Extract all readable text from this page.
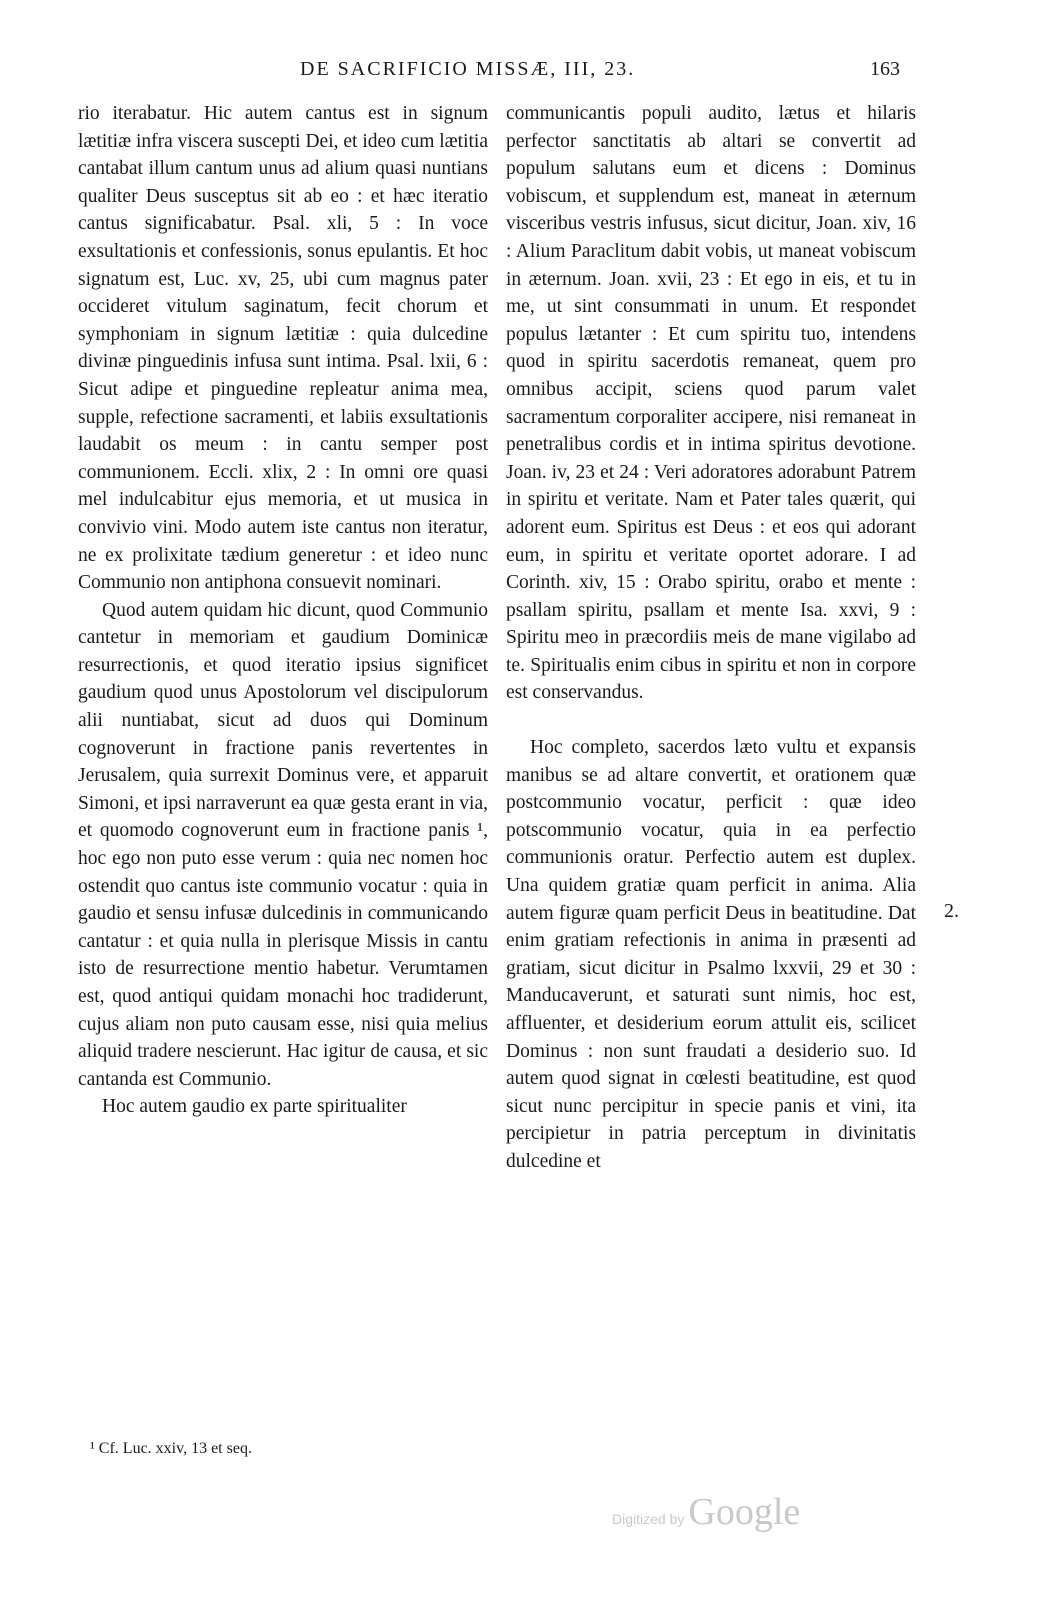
DE SACRIFICIO MISSÆ, III, 23.	163

rio iterabatur. Hic autem cantus est in signum lætitiæ infra viscera suscepti Dei, et ideo cum lætitia cantabat illum cantum unus ad alium quasi nuntians qualiter Deus susceptus sit ab eo : et hæc iteratio cantus significabatur. Psal. xli, 5 : In voce exsultationis et confessionis, sonus epulantis. Et hoc signatum est, Luc. xv, 25, ubi cum magnus pater occideret vitulum saginatum, fecit chorum et symphoniam in signum lætitiæ : quia dulcedine divinæ pinguedinis infusa sunt intima. Psal. lxii, 6 : Sicut adipe et pinguedine repleatur anima mea, supple, refectione sacramenti, et labiis exsultationis laudabit os meum : in cantu semper post communionem. Eccli. xlix, 2 : In omni ore quasi mel indulcabitur ejus memoria, et ut musica in convivio vini. Modo autem iste cantus non iteratur, ne ex prolixitate tædium generetur : et ideo nunc Communio non antiphona consuevit nominari.

Quod autem quidam hic dicunt, quod Communio cantetur in memoriam et gaudium Dominicæ resurrectionis, et quod iteratio ipsius significet gaudium quod unus Apostolorum vel discipulorum alii nuntiabat, sicut ad duos qui Dominum cognoverunt in fractione panis revertentes in Jerusalem, quia surrexit Dominus vere, et apparuit Simoni, et ipsi narraverunt ea quæ gesta erant in via, et quomodo cognoverunt eum in fractione panis ¹, hoc ego non puto esse verum : quia nec nomen hoc ostendit quo cantus iste communio vocatur : quia in gaudio et sensu infusæ dulcedinis in communicando cantatur : et quia nulla in plerisque Missis in cantu isto de resurrectione mentio habetur. Verumtamen est, quod antiqui quidam monachi hoc tradiderunt, cujus aliam non puto causam esse, nisi quia melius aliquid tradere nescierunt. Hac igitur de causa, et sic cantanda est Communio.

Hoc autem gaudio ex parte spiritualiter

communicantis populi audito, lætus et hilaris perfector sanctitatis ab altari se convertit ad populum salutans eum et dicens : Dominus vobiscum, et supplendum est, maneat in æternum visceribus vestris infusus, sicut dicitur, Joan. xiv, 16 : Alium Paraclitum dabit vobis, ut maneat vobiscum in æternum. Joan. xvii, 23 : Et ego in eis, et tu in me, ut sint consummati in unum. Et respondet populus lætanter : Et cum spiritu tuo, intendens quod in spiritu sacerdotis remaneat, quem pro omnibus accipit, sciens quod parum valet sacramentum corporaliter accipere, nisi remaneat in penetralibus cordis et in intima spiritus devotione. Joan. iv, 23 et 24 : Veri adoratores adorabunt Patrem in spiritu et veritate. Nam et Pater tales quærit, qui adorent eum. Spiritus est Deus : et eos qui adorant eum, in spiritu et veritate oportet adorare. I ad Corinth. xiv, 15 : Orabo spiritu, orabo et mente : psallam spiritu, psallam et mente Isa. xxvi, 9 : Spiritu meo in præcordiis meis de mane vigilabo ad te. Spiritualis enim cibus in spiritu et non in corpore est conservandus.

Hoc completo, sacerdos læto vultu et expansis manibus se ad altare convertit, et orationem quæ postcommunio vocatur, perficit : quæ ideo potscommunio vocatur, quia in ea perfectio communionis oratur. Perfectio autem est duplex. Una quidem gratiæ quam perficit in anima. Alia autem figuræ quam perficit Deus in beatitudine. Dat enim gratiam refectionis in anima in præsenti ad gratiam, sicut dicitur in Psalmo lxxvii, 29 et 30 : Manducaverunt, et saturati sunt nimis, hoc est, affluenter, et desiderium eorum attulit eis, scilicet Dominus : non sunt fraudati a desiderio suo. Id autem quod signat in cœlesti beatitudine, est quod sicut nunc percipitur in specie panis et vini, ita percipietur in patria perceptum in divinitatis dulcedine et

2.
¹ Cf. Luc. xxiv, 13 et seq.
Digitized by Google
